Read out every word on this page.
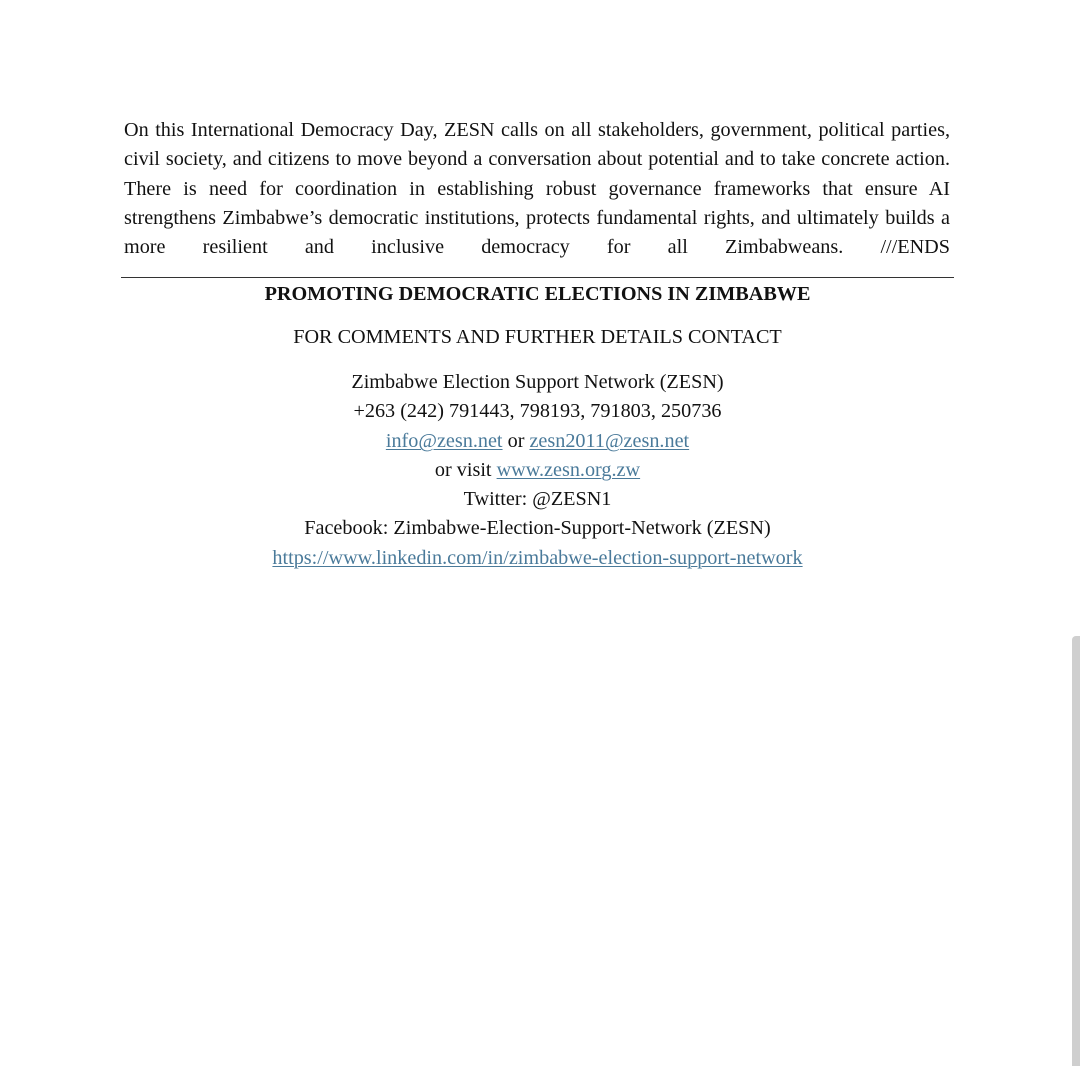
On this International Democracy Day, ZESN calls on all stakeholders, government, political parties, civil society, and citizens to move beyond a conversation about potential and to take concrete action. There is need for coordination in establishing robust governance frameworks that ensure AI strengthens Zimbabwe’s democratic institutions, protects fundamental rights, and ultimately builds a more resilient and inclusive democracy for all Zimbabweans. ///ENDS

PROMOTING DEMOCRATIC ELECTIONS IN ZIMBABWE
FOR COMMENTS AND FURTHER DETAILS CONTACT
Zimbabwe Election Support Network (ZESN)
+263 (242) 791443, 798193, 791803, 250736
info@zesn.net or zesn2011@zesn.net
or visit www.zesn.org.zw
Twitter: @ZESN1
Facebook: Zimbabwe-Election-Support-Network (ZESN)
https://www.linkedin.com/in/zimbabwe-election-support-network
